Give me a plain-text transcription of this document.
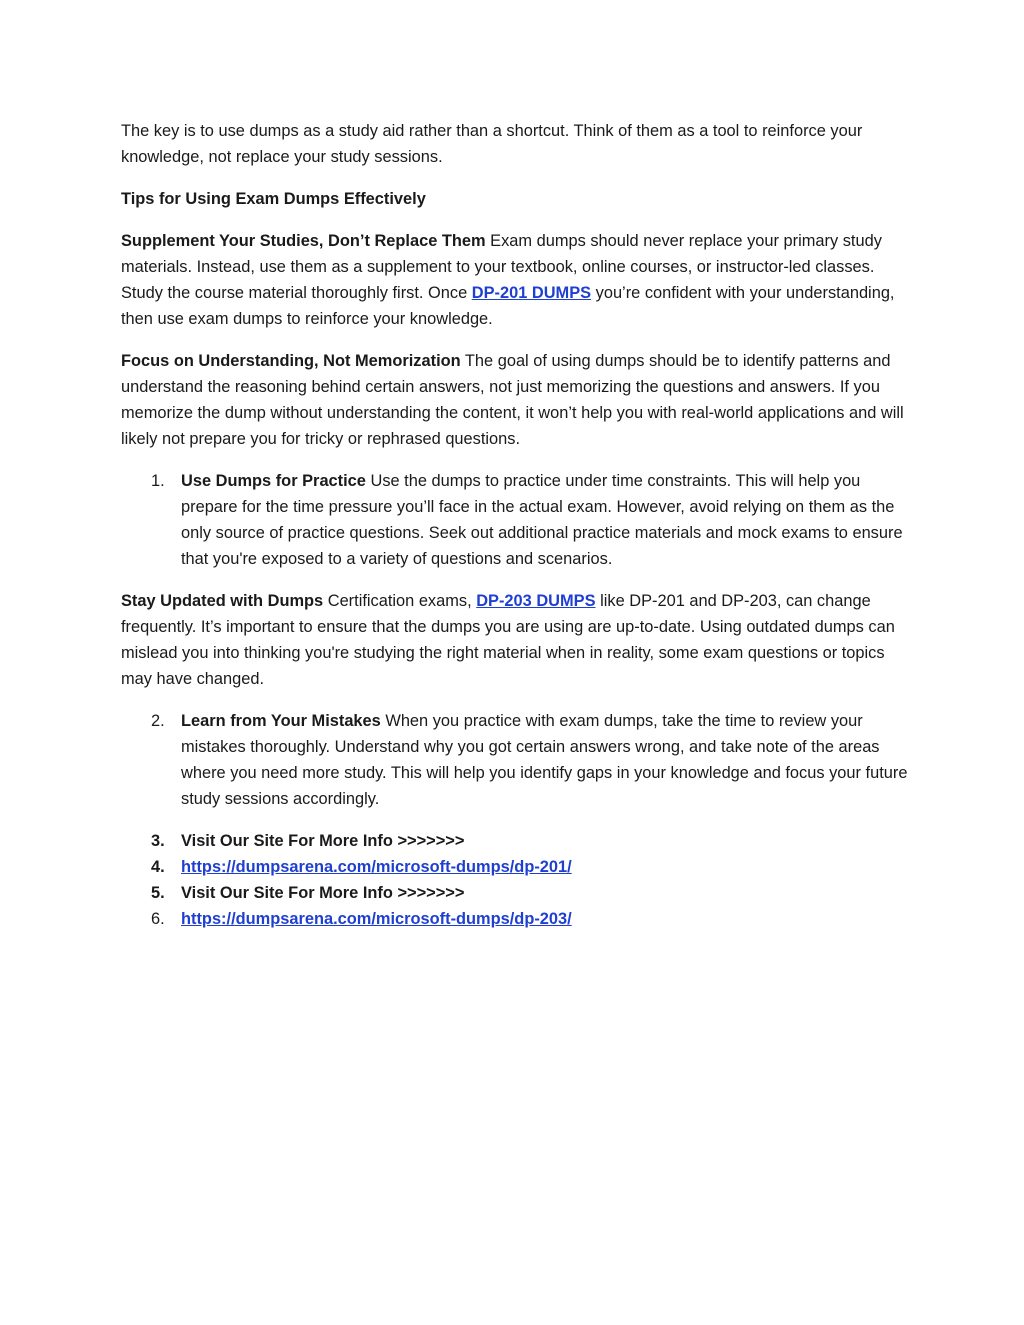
The key is to use dumps as a study aid rather than a shortcut. Think of them as a tool to reinforce your knowledge, not replace your study sessions.

Tips for Using Exam Dumps Effectively

Supplement Your Studies, Don’t Replace Them Exam dumps should never replace your primary study materials. Instead, use them as a supplement to your textbook, online courses, or instructor-led classes. Study the course material thoroughly first. Once DP-201 DUMPS you’re confident with your understanding, then use exam dumps to reinforce your knowledge.

Focus on Understanding, Not Memorization The goal of using dumps should be to identify patterns and understand the reasoning behind certain answers, not just memorizing the questions and answers. If you memorize the dump without understanding the content, it won’t help you with real-world applications and will likely not prepare you for tricky or rephrased questions.

1. Use Dumps for Practice Use the dumps to practice under time constraints. This will help you prepare for the time pressure you’ll face in the actual exam. However, avoid relying on them as the only source of practice questions. Seek out additional practice materials and mock exams to ensure that you're exposed to a variety of questions and scenarios.

Stay Updated with Dumps Certification exams, DP-203 DUMPS like DP-201 and DP-203, can change frequently. It’s important to ensure that the dumps you are using are up-to-date. Using outdated dumps can mislead you into thinking you're studying the right material when in reality, some exam questions or topics may have changed.

2. Learn from Your Mistakes When you practice with exam dumps, take the time to review your mistakes thoroughly. Understand why you got certain answers wrong, and take note of the areas where you need more study. This will help you identify gaps in your knowledge and focus your future study sessions accordingly.
3. Visit Our Site For More Info >>>>>>>
4. https://dumpsarena.com/microsoft-dumps/dp-201/
5. Visit Our Site For More Info >>>>>>>
6. https://dumpsarena.com/microsoft-dumps/dp-203/
